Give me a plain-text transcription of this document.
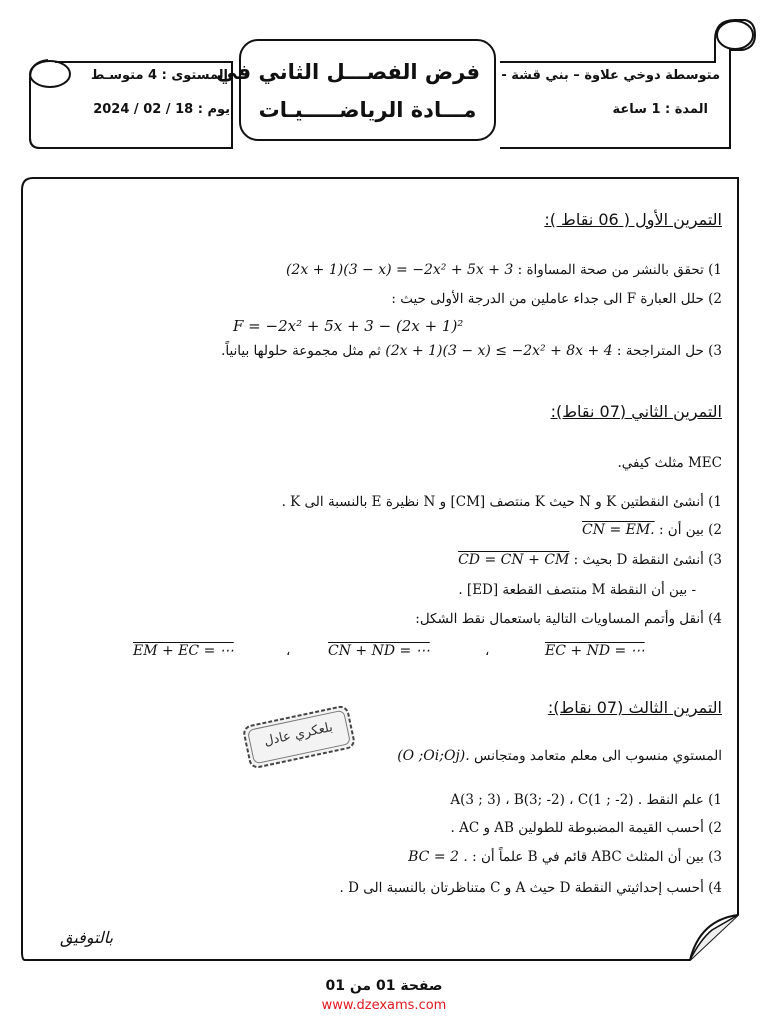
متوسطة دوخي علاوة – بني قشة -
المدة : 1 ساعة
فرض الفصـــل الثاني في
مـــادة الرياضـــــيـات
المستوى : 4 متوسـط
يوم : 18 / 02 / 2024
التمرين الأول ( 06 نقاط ):
1) تحقق بالنشر من صحة المساواة : (2x + 1)(3 − x) = −2x² + 5x + 3
2) حلل العبارة F الى جداء عاملين من الدرجة الأولى حيث :
F = −2x² + 5x + 3 − (2x + 1)²
3) حل المتراجحة : (2x + 1)(3 − x) ≤ −2x² + 8x + 4 ثم مثل مجموعة حلولها بيانياً.
التمرين الثاني (07 نقاط):
MEC مثلث كيفي.
1) أنشئ النقطتين K و N حيث K منتصف [CM] و N نظيرة E بالنسبة الى K .
2) بين أن : CN = EM.
3) أنشئ النقطة D بحيث : CD = CN + CM
- بين أن النقطة M منتصف القطعة [ED] .
4) أنقل وأتمم المساويات التالية باستعمال نقط الشكل:
EC + ND = ⋯
،
CN + ND = ⋯
،
EM + EC = ⋯
التمرين الثالث (07 نقاط):
بلعكري عادل
المستوي منسوب الى معلم متعامد ومتجانس (O ;Oi;Oj).
1) علم النقط A(3 ; 3) ، B(3; -2) ، C(1 ; -2) .
2) أحسب القيمة المضبوطة للطولين AB و AC .
3) بين أن المثلث ABC قائم في B علماً أن : BC = 2 .
4) أحسب إحداثيتي النقطة D حيث A و C متناظرتان بالنسبة الى D .
بالتوفيق
صفحة 01 من 01
www.dzexams.com
